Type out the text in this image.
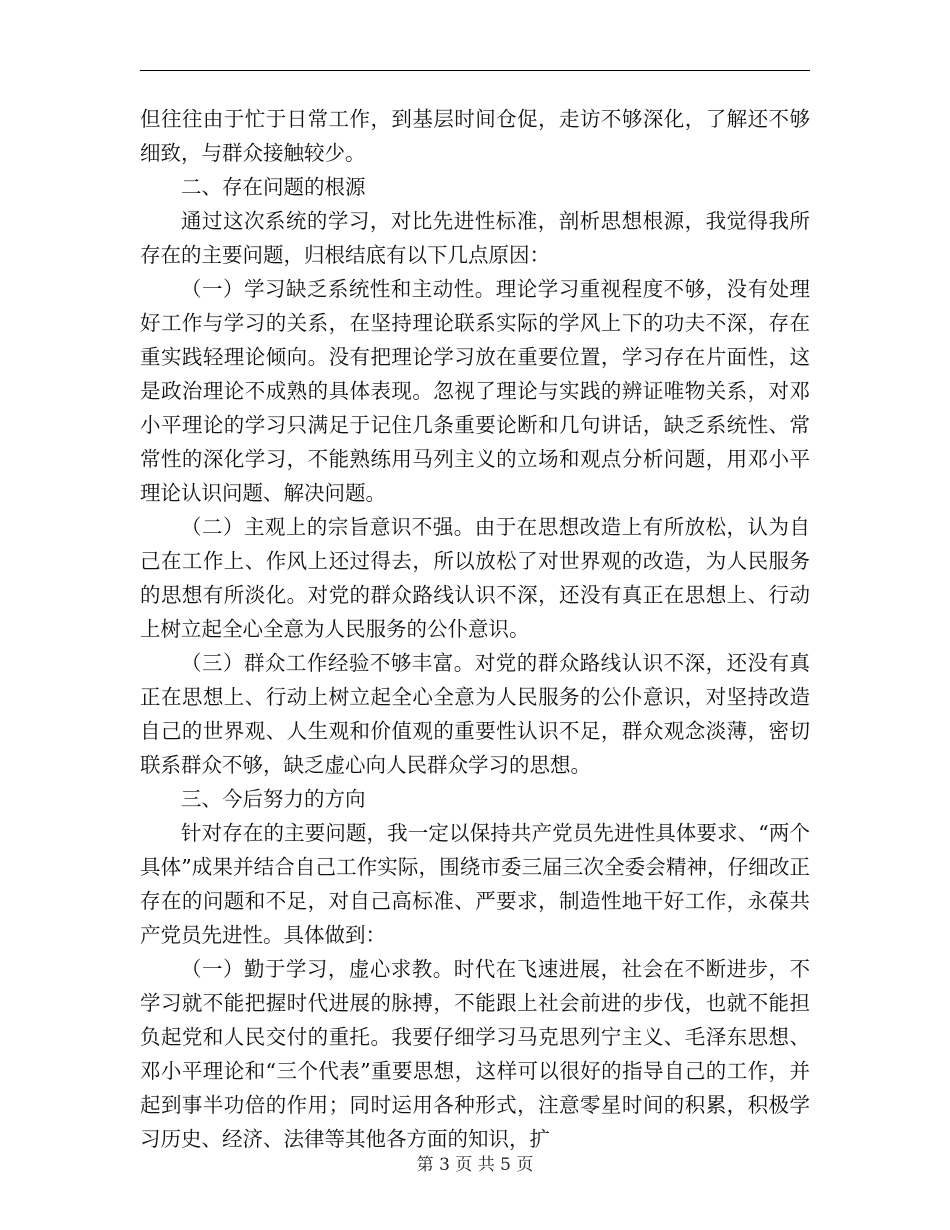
但往往由于忙于日常工作，到基层时间仓促，走访不够深化，了解还不够细致，与群众接触较少。

二、存在问题的根源

通过这次系统的学习，对比先进性标准，剖析思想根源，我觉得我所存在的主要问题，归根结底有以下几点原因：

（一）学习缺乏系统性和主动性。理论学习重视程度不够，没有处理好工作与学习的关系，在坚持理论联系实际的学风上下的功夫不深，存在重实践轻理论倾向。没有把理论学习放在重要位置，学习存在片面性，这是政治理论不成熟的具体表现。忽视了理论与实践的辨证唯物关系，对邓小平理论的学习只满足于记住几条重要论断和几句讲话，缺乏系统性、常常性的深化学习，不能熟练用马列主义的立场和观点分析问题，用邓小平理论认识问题、解决问题。

（二）主观上的宗旨意识不强。由于在思想改造上有所放松，认为自己在工作上、作风上还过得去，所以放松了对世界观的改造，为人民服务的思想有所淡化。对党的群众路线认识不深，还没有真正在思想上、行动上树立起全心全意为人民服务的公仆意识。

（三）群众工作经验不够丰富。对党的群众路线认识不深，还没有真正在思想上、行动上树立起全心全意为人民服务的公仆意识，对坚持改造自己的世界观、人生观和价值观的重要性认识不足，群众观念淡薄，密切联系群众不够，缺乏虚心向人民群众学习的思想。

三、今后努力的方向

针对存在的主要问题，我一定以保持共产党员先进性具体要求、“两个具体”成果并结合自己工作实际，围绕市委三届三次全委会精神，仔细改正存在的问题和不足，对自己高标准、严要求，制造性地干好工作，永葆共产党员先进性。具体做到：

（一）勤于学习，虚心求教。时代在飞速进展，社会在不断进步，不学习就不能把握时代进展的脉搏，不能跟上社会前进的步伐，也就不能担负起党和人民交付的重托。我要仔细学习马克思列宁主义、毛泽东思想、邓小平理论和“三个代表”重要思想，这样可以很好的指导自己的工作，并起到事半功倍的作用；同时运用各种形式，注意零星时间的积累，积极学习历史、经济、法律等其他各方面的知识，扩

第 3 页 共 5 页
